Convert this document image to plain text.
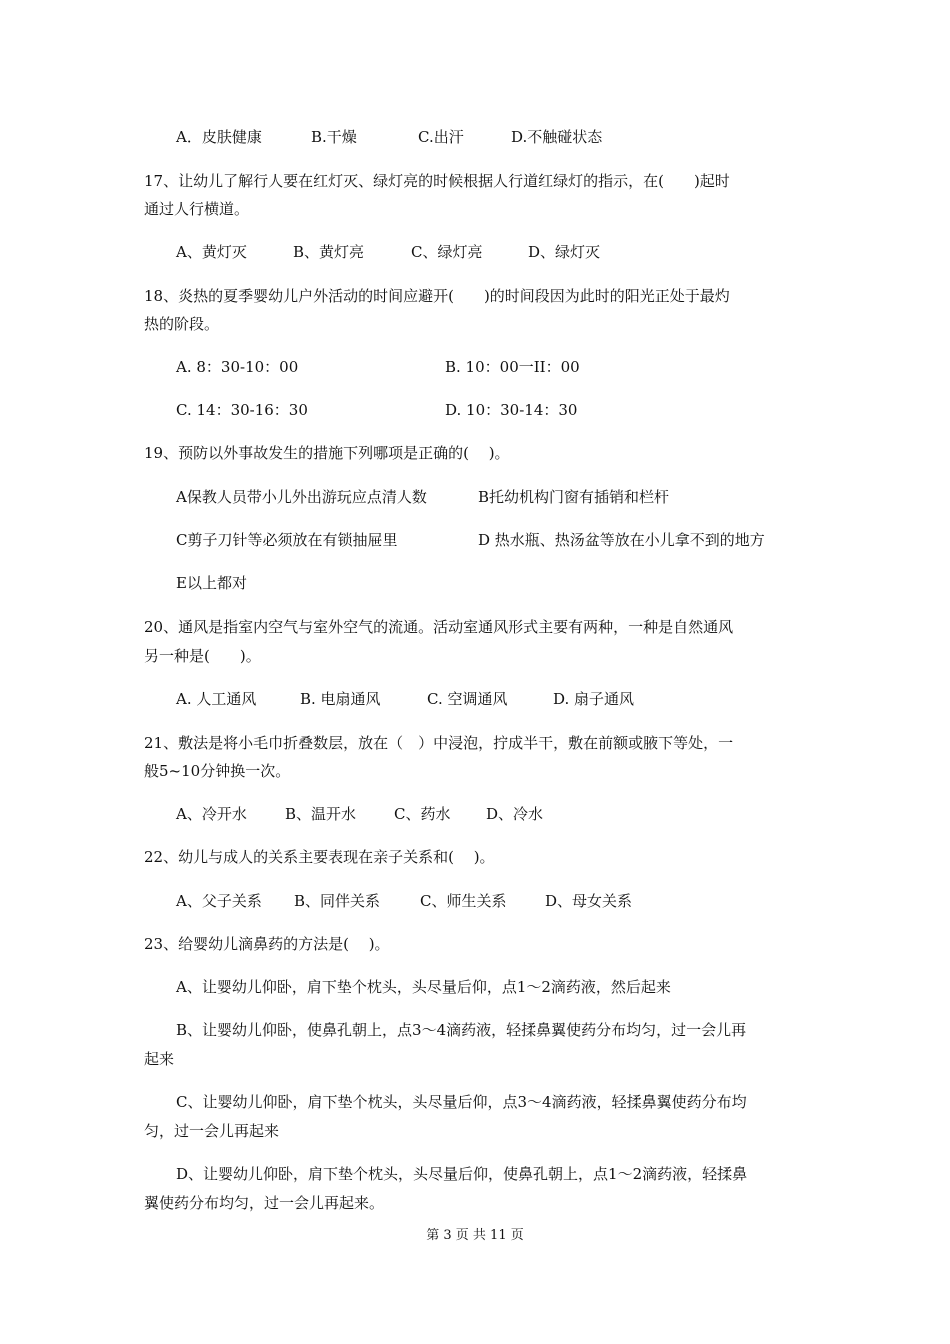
A．皮肤健康	B.干燥	C.出汗	D.不触碰状态
17、让幼儿了解行人要在红灯灭、绿灯亮的时候根据人行道红绿灯的指示，在(　　)起时
通过人行横道。
A、黄灯灭	B、黄灯亮	C、绿灯亮	D、绿灯灭
18、炎热的夏季婴幼儿户外活动的时间应避开(　　)的时间段因为此时的阳光正处于最灼
热的阶段。
A. 8：30-10：00	B. 10：00一II：00
C. 14：30-16：30	D. 10：30-14：30
19、预防以外事故发生的措施下列哪项是正确的(　 )。
A保教人员带小儿外出游玩应点清人数	B托幼机构门窗有插销和栏杆
C剪子刀针等必须放在有锁抽屉里	D 热水瓶、热汤盆等放在小儿拿不到的地方
E以上都对
20、通风是指室内空气与室外空气的流通。活动室通风形式主要有两种，一种是自然通风
另一种是(　　)。
A. 人工通风	B. 电扇通风	C. 空调通风	D. 扇子通风
21、敷法是将小毛巾折叠数层，放在（　）中浸泡，拧成半干，敷在前额或腋下等处，一
般5~10分钟换一次。
A、冷开水	B、温开水	C、药水 D、冷水
22、幼儿与成人的关系主要表现在亲子关系和(　 )。
A、父子关系 B、同伴关系	C、师生关系	D、母女关系
23、给婴幼儿滴鼻药的方法是(　 )。
A、让婴幼儿仰卧，肩下垫个枕头，头尽量后仰，点1～2滴药液，然后起来
B、让婴幼儿仰卧，使鼻孔朝上，点3～4滴药液，轻揉鼻翼使药分布均匀，过一会儿再
起来
C、让婴幼儿仰卧，肩下垫个枕头，头尽量后仰，点3～4滴药液，轻揉鼻翼使药分布均
匀，过一会儿再起来
D、让婴幼儿仰卧，肩下垫个枕头，头尽量后仰，使鼻孔朝上，点1～2滴药液，轻揉鼻
翼使药分布均匀，过一会儿再起来。
第 3 页 共 11 页
